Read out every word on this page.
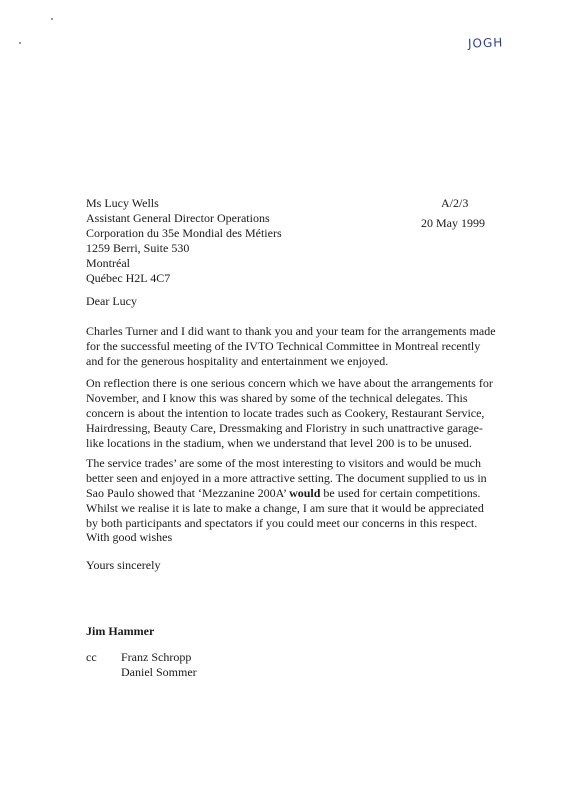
JOGH
Ms Lucy Wells
Assistant General Director Operations
Corporation du 35e Mondial des Métiers
1259 Berri, Suite 530
Montréal
Québec H2L 4C7
A/2/3
20 May 1999
Dear Lucy

Charles Turner and I did want to thank you and your team for the arrangements made for the successful meeting of the IVTO Technical Committee in Montreal recently and for the generous hospitality and entertainment we enjoyed.

On reflection there is one serious concern which we have about the arrangements for November, and I know this was shared by some of the technical delegates. This concern is about the intention to locate trades such as Cookery, Restaurant Service, Hairdressing, Beauty Care, Dressmaking and Floristry in such unattractive garage-like locations in the stadium, when we understand that level 200 is to be unused.

The service trades’ are some of the most interesting to visitors and would be much better seen and enjoyed in a more attractive setting. The document supplied to us in Sao Paulo showed that ‘Mezzanine 200A’ would be used for certain competitions. Whilst we realise it is late to make a change, I am sure that it would be appreciated by both participants and spectators if you could meet our concerns in this respect.

With good wishes
Yours sincerely
Jim Hammer
cc Franz Schropp
Daniel Sommer
